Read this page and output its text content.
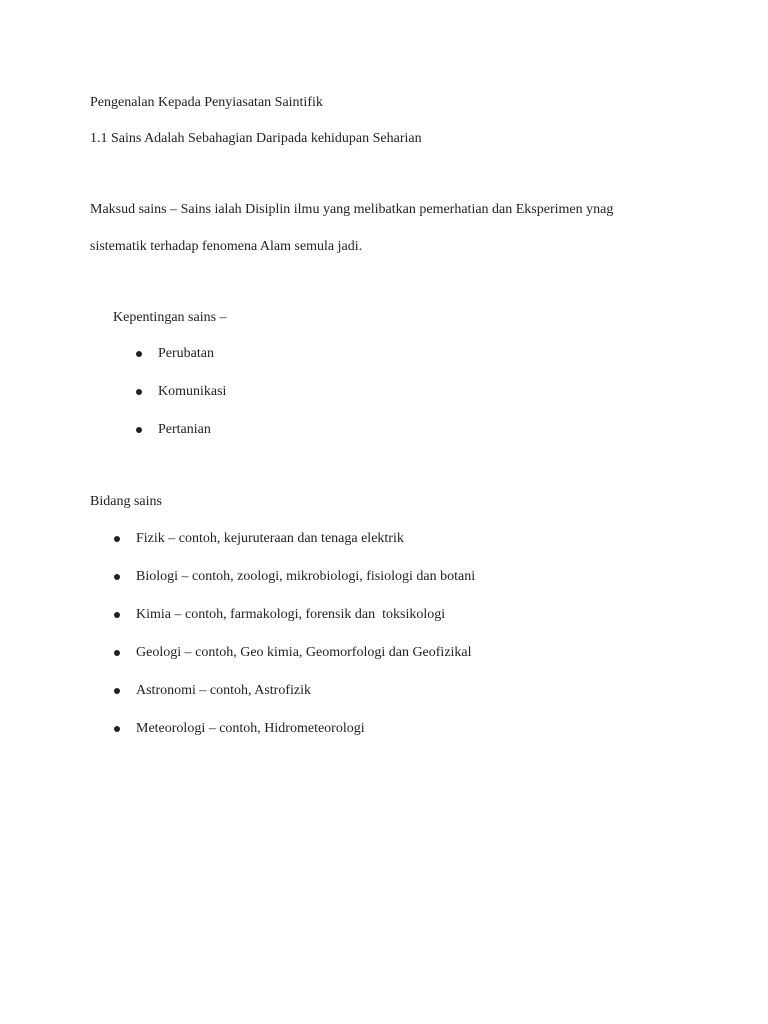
Pengenalan Kepada Penyiasatan Saintifik
1.1 Sains Adalah Sebahagian Daripada kehidupan Seharian
Maksud sains – Sains ialah Disiplin ilmu yang melibatkan pemerhatian dan Eksperimen ynag
sistematik terhadap fenomena Alam semula jadi.
Kepentingan sains –
Perubatan
Komunikasi
Pertanian
Bidang sains
Fizik – contoh, kejuruteraan dan tenaga elektrik
Biologi – contoh, zoologi, mikrobiologi, fisiologi dan botani
Kimia – contoh, farmakologi, forensik dan  toksikologi
Geologi – contoh, Geo kimia, Geomorfologi dan Geofizikal
Astronomi – contoh, Astrofizik
Meteorologi – contoh, Hidrometeorologi
